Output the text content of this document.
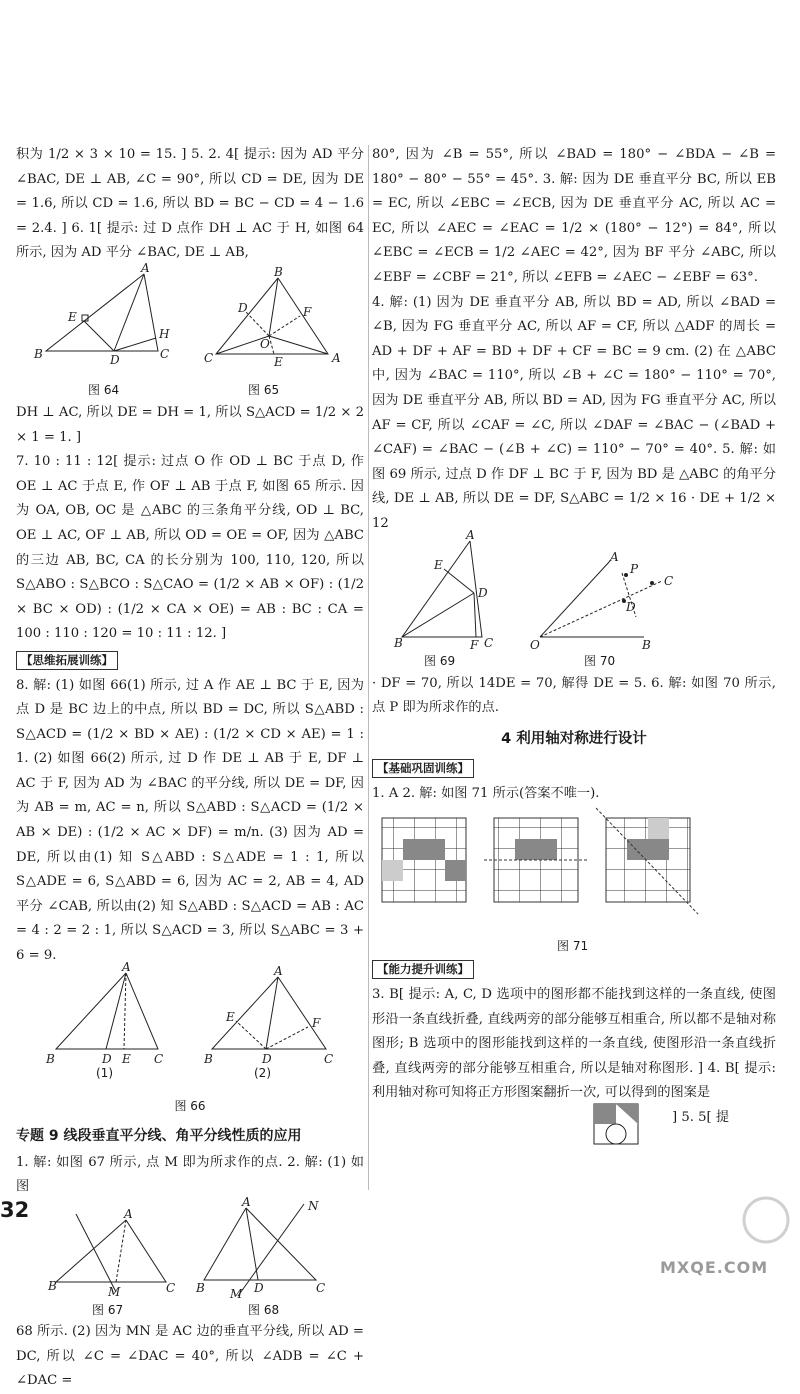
积为 1/2 × 3 × 10 = 15. ] 5. 2. 4[ 提示: 因为 AD 平分 ∠BAC, DE ⊥ AB, ∠C = 90°, 所以 CD = DE, 因为 DE = 1.6, 所以 CD = 1.6, 所以 BD = BC − CD = 4 − 1.6 = 2.4. ] 6. 1[ 提示: 过 D 点作 DH ⊥ AC 于 H, 如图 64 所示, 因为 AD 平分 ∠BAC, DE ⊥ AB,

A
E
B	D	C
H
B
D	F
O
C	E	A
图 64	图 65

DH ⊥ AC, 所以 DE = DH = 1, 所以 S△ACD = 1/2 × 2 × 1 = 1. ]

7. 10 : 11 : 12[ 提示: 过点 O 作 OD ⊥ BC 于点 D, 作 OE ⊥ AC 于点 E, 作 OF ⊥ AB 于点 F, 如图 65 所示. 因为 OA, OB, OC 是 △ABC 的三条角平分线, OD ⊥ BC, OE ⊥ AC, OF ⊥ AB, 所以 OD = OE = OF, 因为 △ABC 的三边 AB, BC, CA 的长分别为 100, 110, 120, 所以 S△ABO : S△BCO : S△CAO = (1/2 × AB × OF) : (1/2 × BC × OD) : (1/2 × CA × OE) = AB : BC : CA = 100 : 110 : 120 = 10 : 11 : 12. ]

【思维拓展训练】

8. 解: (1) 如图 66(1) 所示, 过 A 作 AE ⊥ BC 于 E, 因为点 D 是 BC 边上的中点, 所以 BD = DC, 所以 S△ABD : S△ACD = (1/2 × BD × AE) : (1/2 × CD × AE) = 1 : 1. (2) 如图 66(2) 所示, 过 D 作 DE ⊥ AB 于 E, DF ⊥ AC 于 F, 因为 AD 为 ∠BAC 的平分线, 所以 DE = DF, 因为 AB = m, AC = n, 所以 S△ABD : S△ACD = (1/2 × AB × DE) : (1/2 × AC × DF) = m/n. (3) 因为 AD = DE, 所以由(1) 知 S△ABD : S△ADE = 1 : 1, 所以 S△ADE = 6, S△ABD = 6, 因为 AC = 2, AB = 4, AD 平分 ∠CAB, 所以由(2) 知 S△ABD : S△ACD = AB : AC = 4 : 2 = 2 : 1, 所以 S△ACD = 3, 所以 S△ABC = 3 + 6 = 9.

A
B	D E C
A
E	F
B	D	C
(1)	(2)
图 66
专题 9 线段垂直平分线、角平分线性质的应用

1. 解: 如图 67 所示, 点 M 即为所求作的点. 2. 解: (1) 如图

A
B	M	C
A	N
B	D	C
M
图 67	图 68

68 所示. (2) 因为 MN 是 AC 边的垂直平分线, 所以 AD = DC, 所以 ∠C = ∠DAC = 40°, 所以 ∠ADB = ∠C + ∠DAC =

80°, 因为 ∠B = 55°, 所以 ∠BAD = 180° − ∠BDA − ∠B = 180° − 80° − 55° = 45°. 3. 解: 因为 DE 垂直平分 BC, 所以 EB = EC, 所以 ∠EBC = ∠ECB, 因为 DE 垂直平分 AC, 所以 AC = EC, 所以 ∠AEC = ∠EAC = 1/2 × (180° − 12°) = 84°, 所以 ∠EBC = ∠ECB = 1/2 ∠AEC = 42°, 因为 BF 平分 ∠ABC, 所以 ∠EBF = ∠CBF = 21°, 所以 ∠EFB = ∠AEC − ∠EBF = 63°.

4. 解: (1) 因为 DE 垂直平分 AB, 所以 BD = AD, 所以 ∠BAD = ∠B, 因为 FG 垂直平分 AC, 所以 AF = CF, 所以 △ADF 的周长 = AD + DF + AF = BD + DF + CF = BC = 9 cm. (2) 在 △ABC 中, 因为 ∠BAC = 110°, 所以 ∠B + ∠C = 180° − 110° = 70°, 因为 DE 垂直平分 AB, 所以 BD = AD, 因为 FG 垂直平分 AC, 所以 AF = CF, 所以 ∠CAF = ∠C, 所以 ∠DAF = ∠BAC − (∠BAD + ∠CAF) = ∠BAC − (∠B + ∠C) = 110° − 70° = 40°. 5. 解: 如图 69 所示, 过点 D 作 DF ⊥ BC 于 F, 因为 BD 是 △ABC 的角平分线, DE ⊥ AB, 所以 DE = DF, S△ABC = 1/2 × 16 · DE + 1/2 × 12

A
E
D
B	F C
A
P
C
D
O	B
图 69	图 70

· DF = 70, 所以 14DE = 70, 解得 DE = 5. 6. 解: 如图 70 所示, 点 P 即为所求作的点.

4 利用轴对称进行设计
【基础巩固训练】

1. A 2. 解: 如图 71 所示(答案不唯一).

图 71
【能力提升训练】

3. B[ 提示: A, C, D 选项中的图形都不能找到这样的一条直线, 使图形沿一条直线折叠, 直线两旁的部分能够互相重合, 所以都不是轴对称图形; B 选项中的图形能找到这样的一条直线, 使图形沿一条直线折叠, 直线两旁的部分能够互相重合, 所以是轴对称图形. ] 4. B[ 提示: 利用轴对称可知将正方形图案翻折一次, 可以得到的图案是

] 5. 5[ 提
32
MXQE.COM
